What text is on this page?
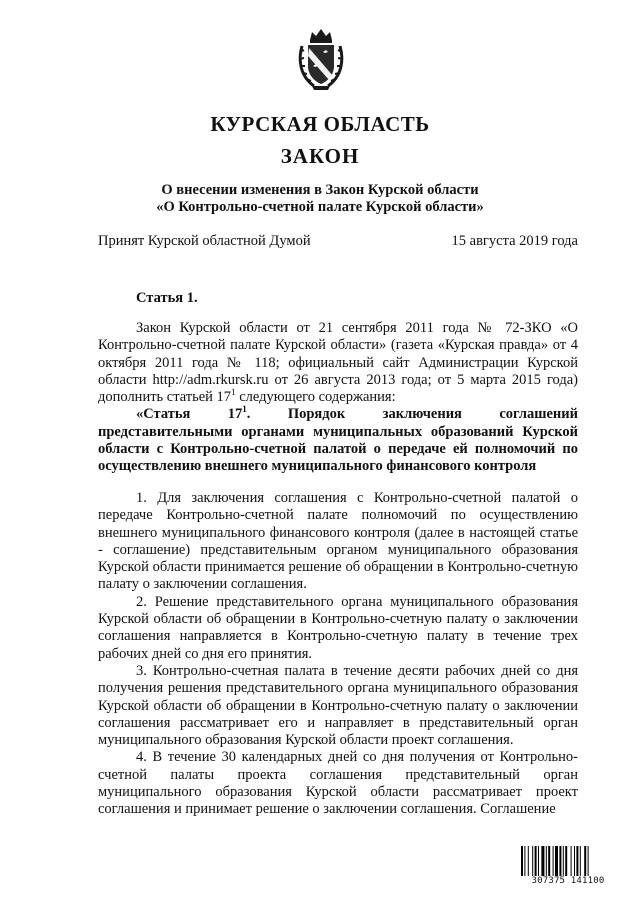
КУРСКАЯ ОБЛАСТЬ
ЗАКОН
О внесении изменения в Закон Курской области
«О Контрольно-счетной палате Курской области»
Принят Курской областной Думой	15 августа 2019 года
Статья 1.

Закон Курской области от 21 сентября 2011 года № 72-ЗКО «О Контрольно-счетной палате Курской области» (газета «Курская правда» от 4 октября 2011 года № 118; официальный сайт Администрации Курской области http://adm.rkursk.ru от 26 августа 2013 года; от 5 марта 2015 года) дополнить статьей $17^1$ следующего содержания:

«Статья $17^1$. Порядок заключения соглашений представительными органами муниципальных образований Курской области с Контрольно-счетной палатой о передаче ей полномочий по осуществлению внешнего муниципального финансового контроля

1. Для заключения соглашения с Контрольно-счетной палатой о передаче Контрольно-счетной палате полномочий по осуществлению внешнего муниципального финансового контроля (далее в настоящей статье - соглашение) представительным органом муниципального образования Курской области принимается решение об обращении в Контрольно-счетную палату о заключении соглашения.

2. Решение представительного органа муниципального образования Курской области об обращении в Контрольно-счетную палату о заключении соглашения направляется в Контрольно-счетную палату в течение трех рабочих дней со дня его принятия.

3. Контрольно-счетная палата в течение десяти рабочих дней со дня получения решения представительного органа муниципального образования Курской области об обращении в Контрольно-счетную палату о заключении соглашения рассматривает его и направляет в представительный орган муниципального образования Курской области проект соглашения.

4. В течение 30 календарных дней со дня получения от Контрольно-счетной палаты проекта соглашения представительный орган муниципального образования Курской области рассматривает проект соглашения и принимает решение о заключении соглашения. Соглашение

307375 141100
